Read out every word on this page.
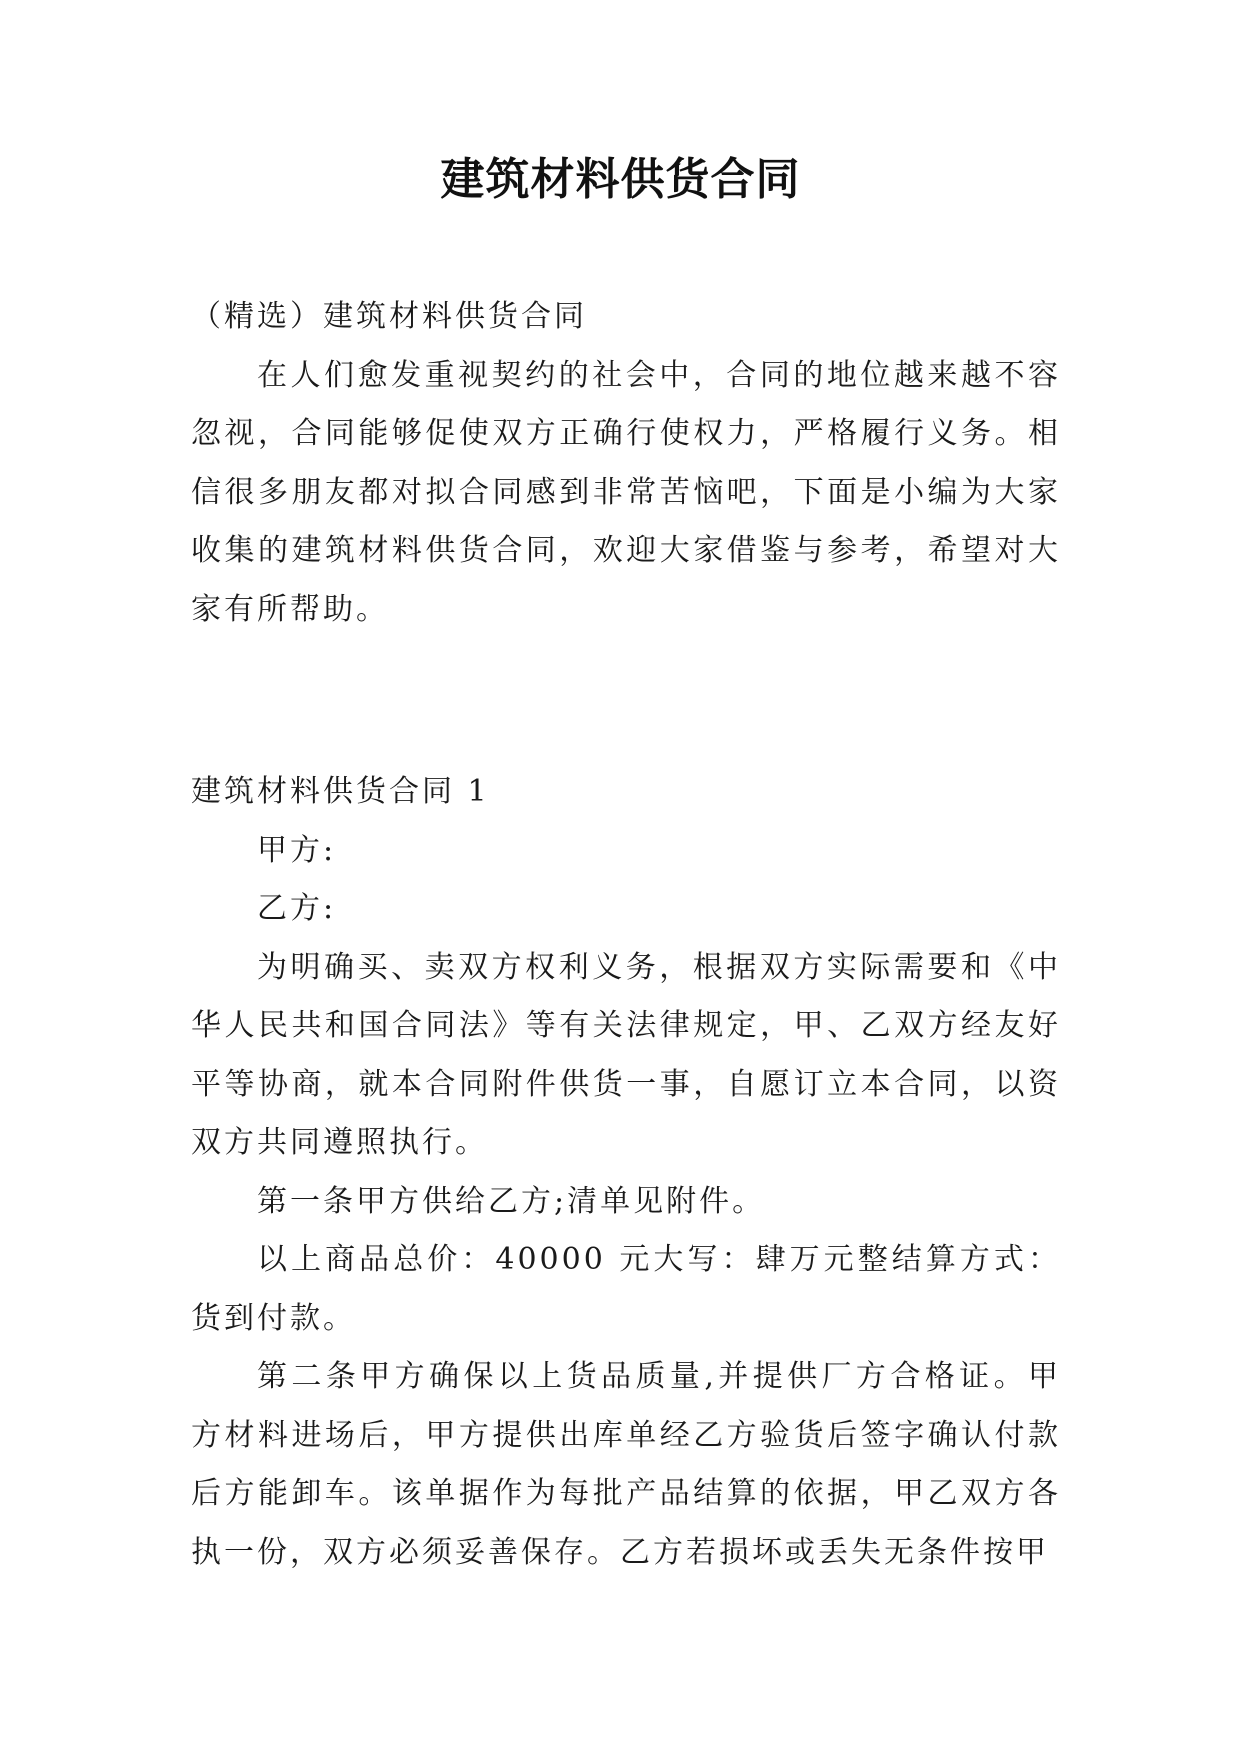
建筑材料供货合同

（精选）建筑材料供货合同

在人们愈发重视契约的社会中，合同的地位越来越不容忽视，合同能够促使双方正确行使权力，严格履行义务。相信很多朋友都对拟合同感到非常苦恼吧，下面是小编为大家收集的建筑材料供货合同，欢迎大家借鉴与参考，希望对大家有所帮助。

建筑材料供货合同 1

甲方:

乙方:

为明确买、卖双方权利义务，根据双方实际需要和《中华人民共和国合同法》等有关法律规定，甲、乙双方经友好平等协商，就本合同附件供货一事，自愿订立本合同，以资双方共同遵照执行。

第一条甲方供给乙方;清单见附件。

以上商品总价：40000 元大写：肆万元整结算方式：货到付款。

第二条甲方确保以上货品质量,并提供厂方合格证。甲方材料进场后，甲方提供出库单经乙方验货后签字确认付款后方能卸车。该单据作为每批产品结算的依据，甲乙双方各执一份，双方必须妥善保存。乙方若损坏或丢失无条件按甲
